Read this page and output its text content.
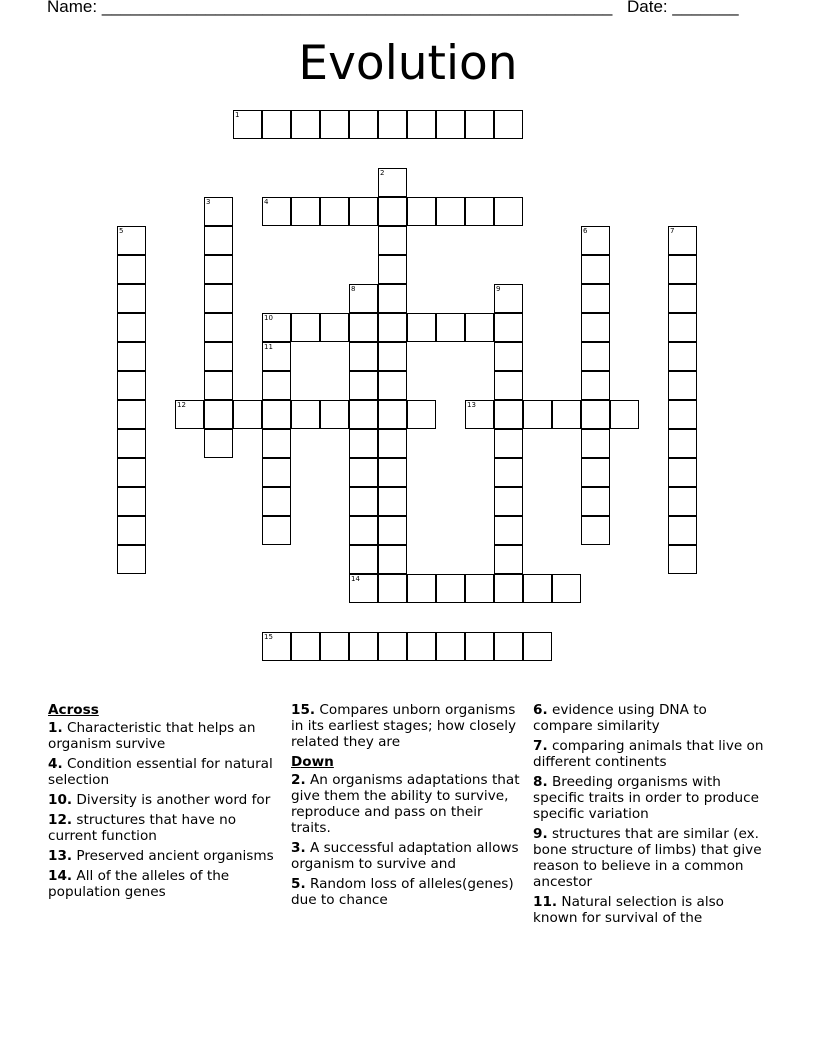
Name: ______________________________________________________ Date: _______
Evolution
1
2
3	4
5	6	7
8	9
10
11
12	13
14
15
Across
1. Characteristic that helps an organism survive
4. Condition essential for natural selection
10. Diversity is another word for
12. structures that have no current function
13. Preserved ancient organisms
14. All of the alleles of the population genes
15. Compares unborn organisms in its earliest stages; how closely related they are
Down
2. An organisms adaptations that give them the ability to survive, reproduce and pass on their traits.
3. A successful adaptation allows organism to survive and
5. Random loss of alleles(genes) due to chance
6. evidence using DNA to compare similarity
7. comparing animals that live on different continents
8. Breeding organisms with specific traits in order to produce specific variation
9. structures that are similar (ex. bone structure of limbs) that give reason to believe in a common ancestor
11. Natural selection is also known for survival of the
